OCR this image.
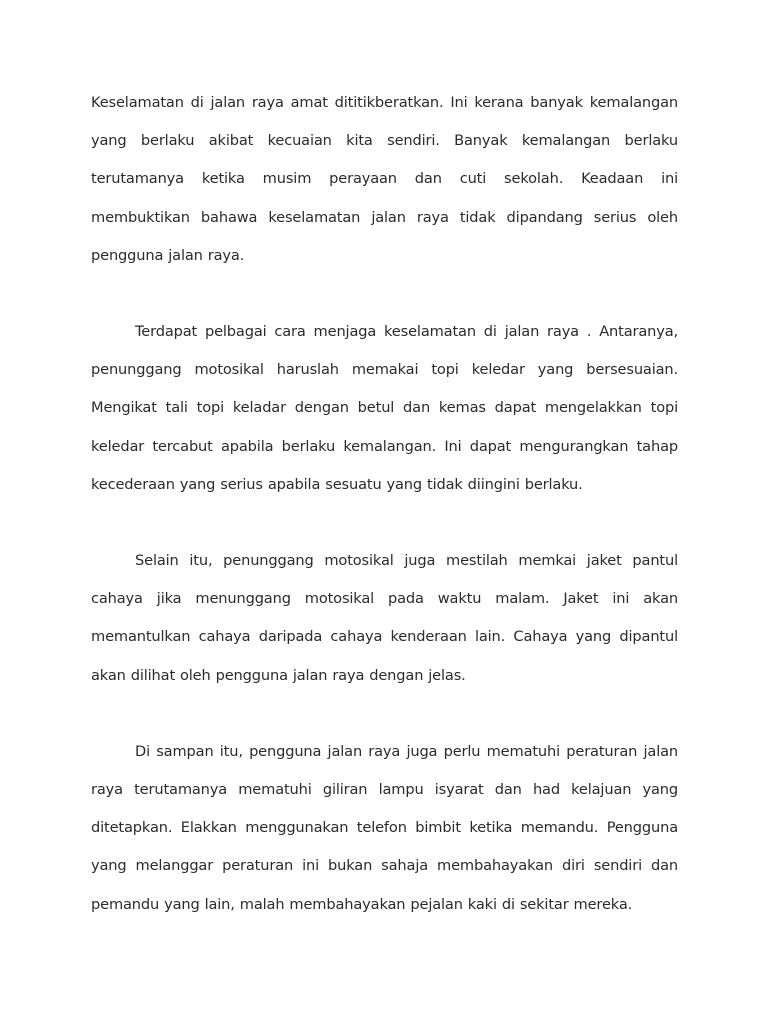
Keselamatan di jalan raya amat dititikberatkan. Ini kerana banyak kemalangan yang berlaku akibat kecuaian kita sendiri. Banyak kemalangan berlaku terutamanya ketika musim perayaan dan cuti sekolah. Keadaan ini membuktikan bahawa keselamatan jalan raya tidak dipandang serius oleh pengguna jalan raya.

Terdapat pelbagai cara menjaga keselamatan di jalan raya . Antaranya, penunggang motosikal haruslah memakai topi keledar yang bersesuaian. Mengikat tali topi keladar dengan betul dan kemas dapat mengelakkan topi keledar tercabut apabila berlaku kemalangan. Ini dapat mengurangkan tahap kecederaan yang serius apabila sesuatu yang tidak diingini berlaku.

Selain itu, penunggang motosikal juga mestilah memkai jaket pantul cahaya jika menunggang motosikal pada waktu malam. Jaket ini akan memantulkan cahaya daripada cahaya kenderaan lain. Cahaya yang dipantul akan dilihat oleh pengguna jalan raya dengan jelas.

Di sampan itu, pengguna jalan raya juga perlu mematuhi peraturan jalan raya terutamanya mematuhi giliran lampu isyarat dan had kelajuan yang ditetapkan. Elakkan menggunakan telefon bimbit ketika memandu. Pengguna yang melanggar peraturan ini bukan sahaja membahayakan diri sendiri dan pemandu yang lain, malah membahayakan pejalan kaki di sekitar mereka.
